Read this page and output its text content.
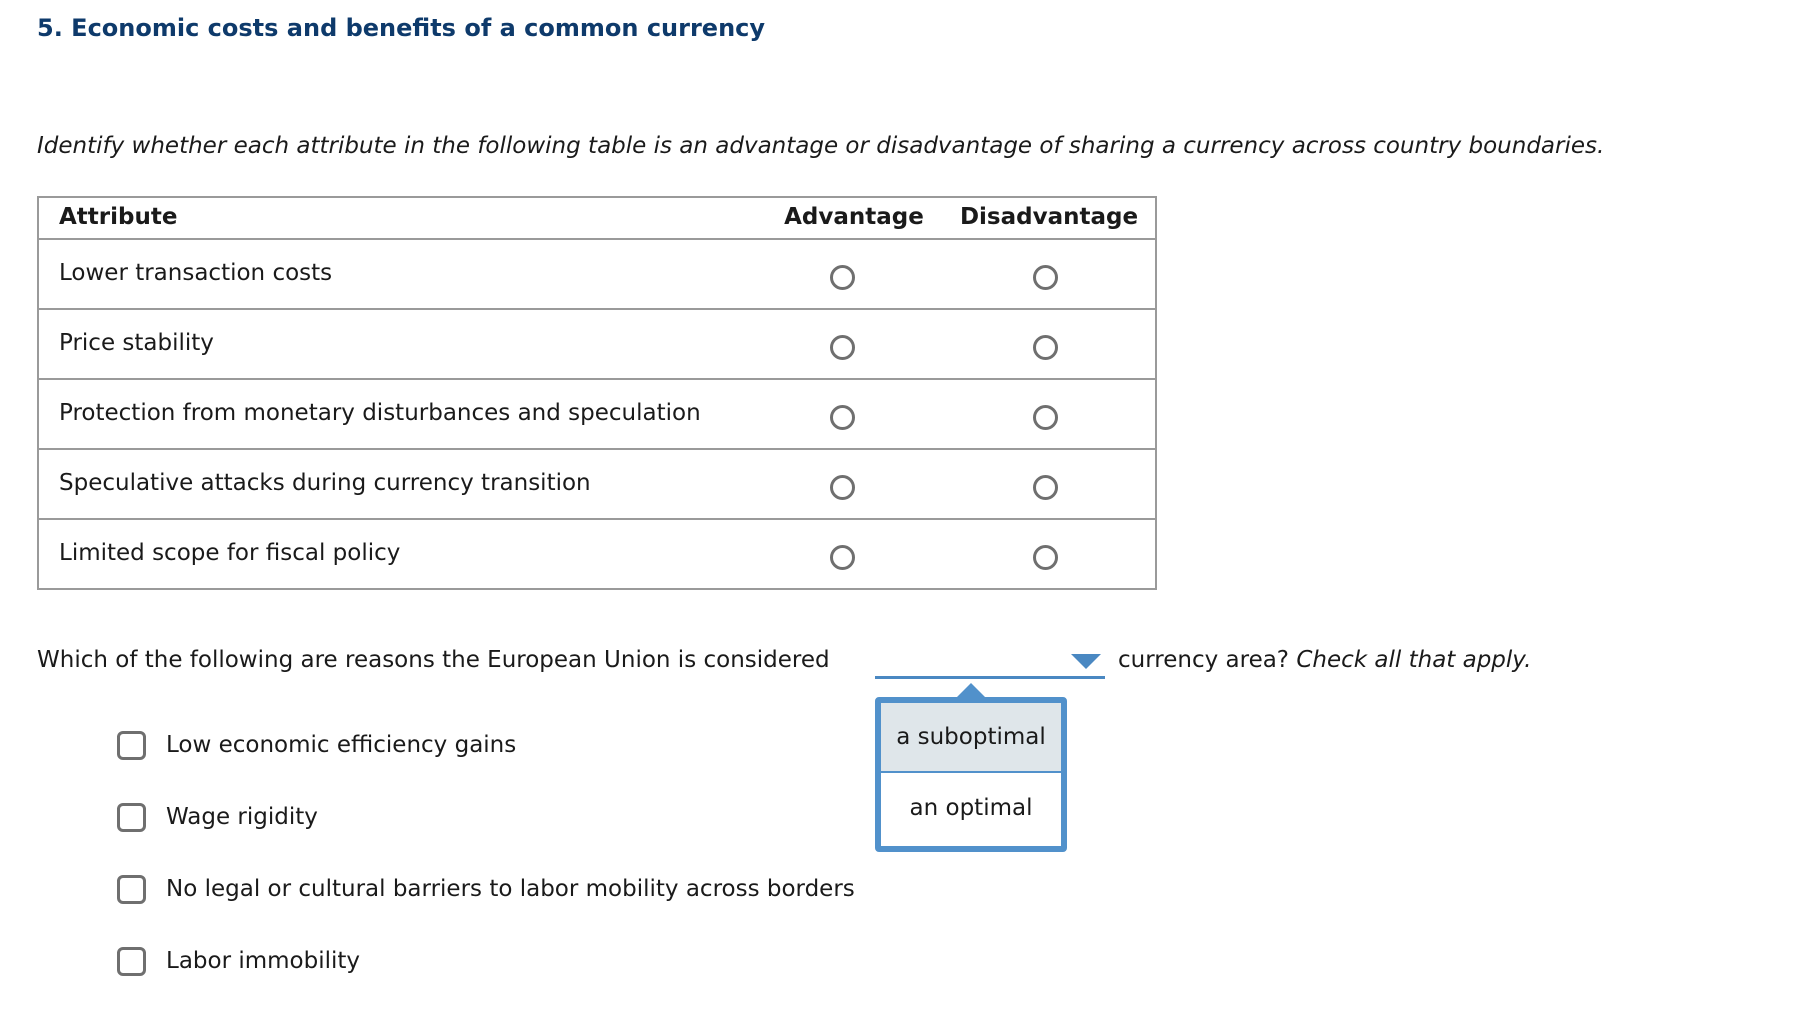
5. Economic costs and benefits of a common currency
Identify whether each attribute in the following table is an advantage or disadvantage of sharing a currency across country boundaries.
Attribute	Advantage	Disadvantage
Lower transaction costs
Price stability
Protection from monetary disturbances and speculation
Speculative attacks during currency transition
Limited scope for fiscal policy
Which of the following are reasons the European Union is considered	currency area? Check all that apply.
a suboptimal
an optimal
Low economic efficiency gains
Wage rigidity
No legal or cultural barriers to labor mobility across borders
Labor immobility
